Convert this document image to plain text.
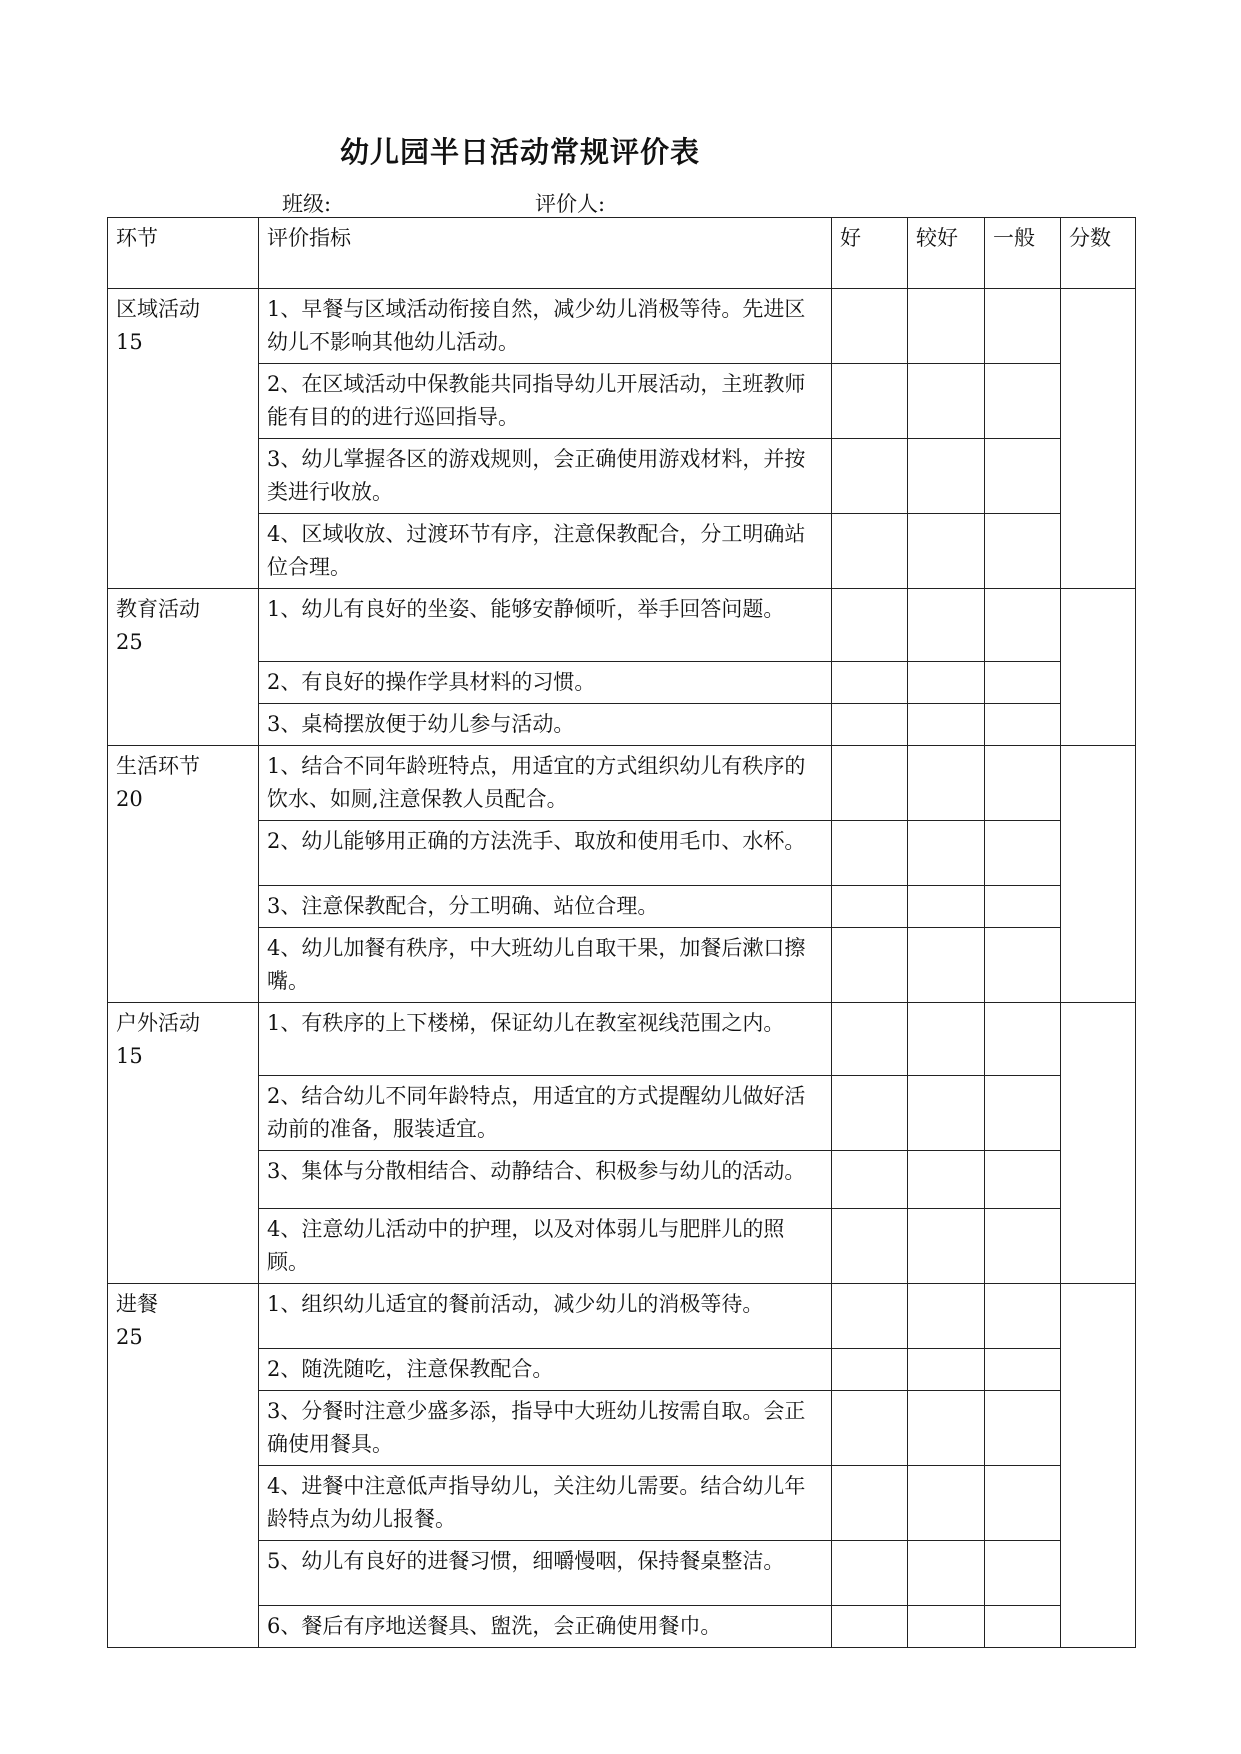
幼儿园半日活动常规评价表
班级:	评价人:
环节	评价指标	好	较好	一般	分数

区域活动
15	1、早餐与区域活动衔接自然，减少幼儿消极等待。先进区幼儿不影响其他幼儿活动。				
	2、在区域活动中保教能共同指导幼儿开展活动，主班教师能有目的的进行巡回指导。				
	3、幼儿掌握各区的游戏规则，会正确使用游戏材料，并按类进行收放。				
	4、区域收放、过渡环节有序，注意保教配合，分工明确站位合理。				

教育活动
25	1、幼儿有良好的坐姿、能够安静倾听，举手回答问题。				
	2、有良好的操作学具材料的习惯。				
	3、桌椅摆放便于幼儿参与活动。				

生活环节
20	1、结合不同年龄班特点，用适宜的方式组织幼儿有秩序的饮水、如厕,注意保教人员配合。				
	2、幼儿能够用正确的方法洗手、取放和使用毛巾、水杯。				
	3、注意保教配合，分工明确、站位合理。				
	4、幼儿加餐有秩序，中大班幼儿自取干果，加餐后漱口擦嘴。				

户外活动
15	1、有秩序的上下楼梯，保证幼儿在教室视线范围之内。				
	2、结合幼儿不同年龄特点，用适宜的方式提醒幼儿做好活动前的准备，服装适宜。				
	3、集体与分散相结合、动静结合、积极参与幼儿的活动。				
	4、注意幼儿活动中的护理，以及对体弱儿与肥胖儿的照顾。				

进餐
25	1、组织幼儿适宜的餐前活动，减少幼儿的消极等待。				
	2、随洗随吃，注意保教配合。				
	3、分餐时注意少盛多添，指导中大班幼儿按需自取。会正确使用餐具。				
	4、进餐中注意低声指导幼儿，关注幼儿需要。结合幼儿年龄特点为幼儿报餐。				
	5、幼儿有良好的进餐习惯，细嚼慢咽，保持餐桌整洁。				
	6、餐后有序地送餐具、盥洗，会正确使用餐巾。				
